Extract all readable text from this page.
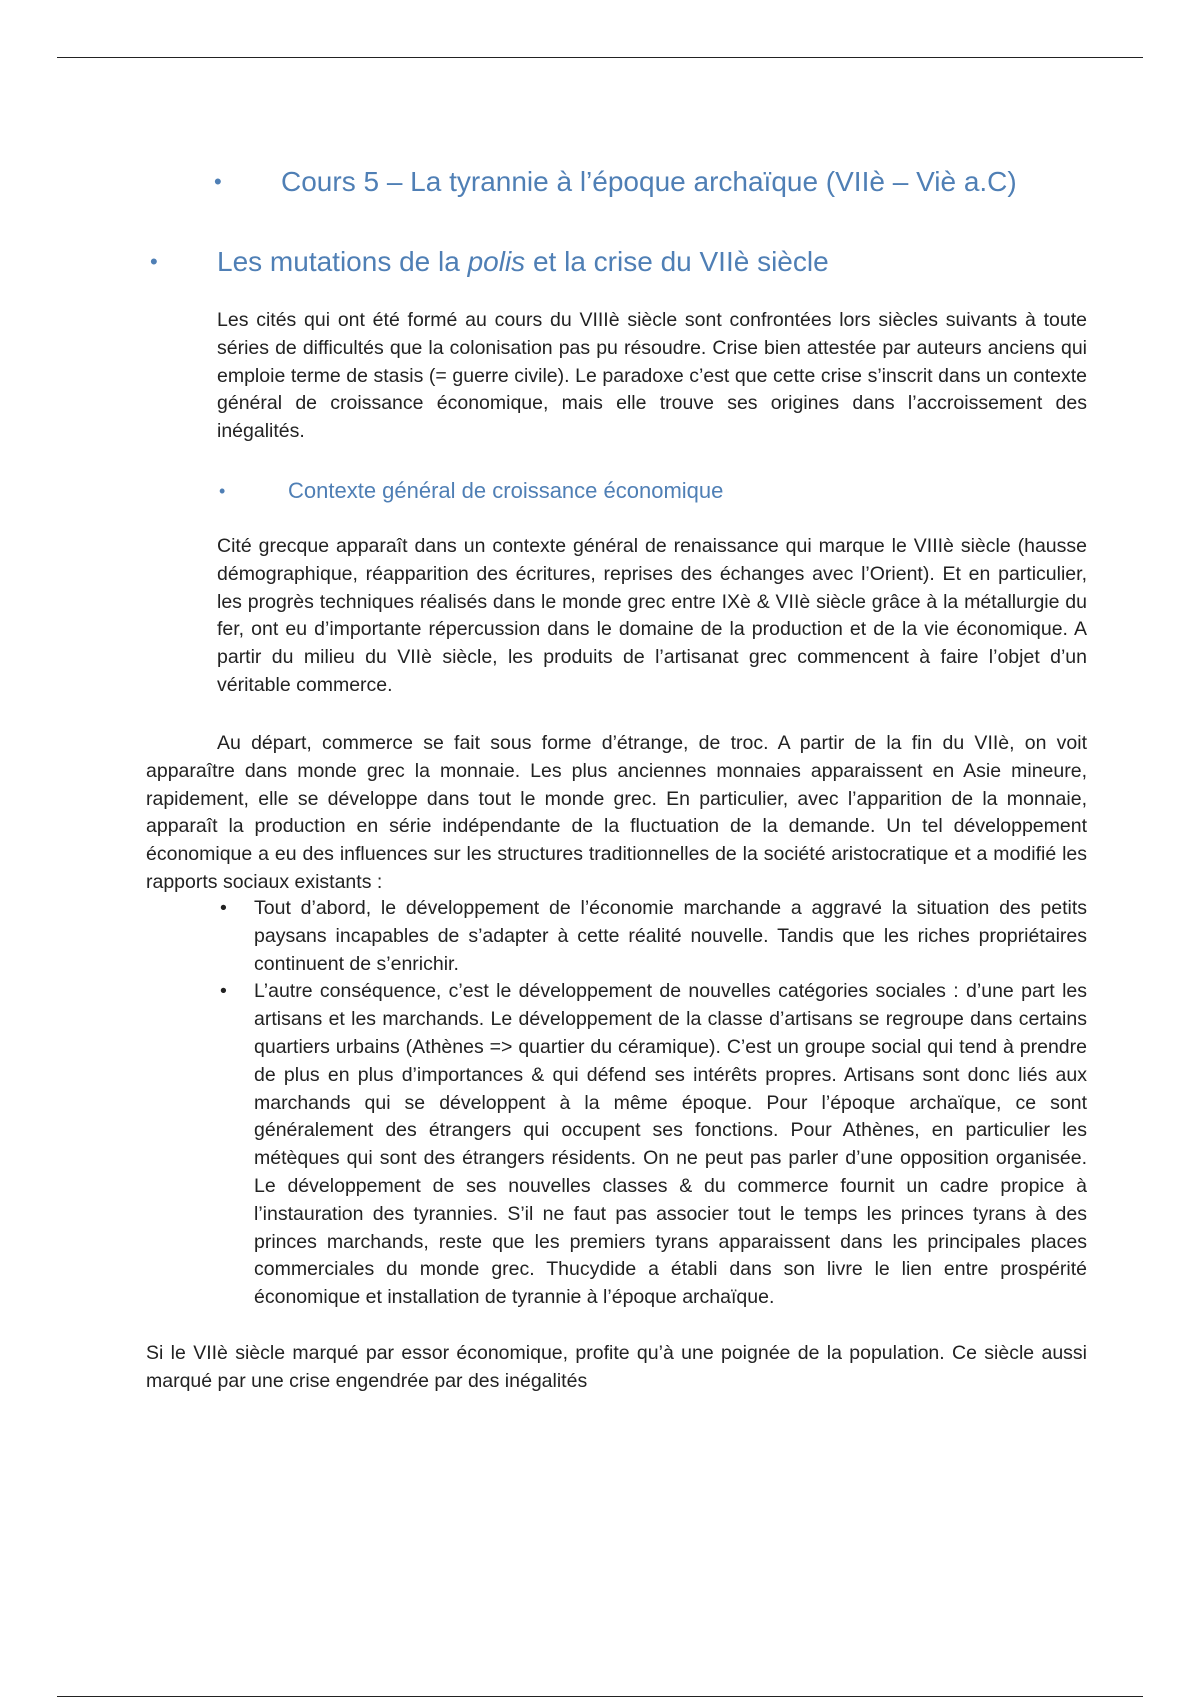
• Cours 5 – La tyrannie à l’époque archaïque (VIIè – Viè a.C)
• Les mutations de la polis et la crise du VIIè siècle

Les cités qui ont été formé au cours du VIIIè siècle sont confrontées lors siècles suivants à toute séries de difficultés que la colonisation pas pu résoudre. Crise bien attestée par auteurs anciens qui emploie terme de stasis (= guerre civile). Le paradoxe c’est que cette crise s’inscrit dans un contexte général de croissance économique, mais elle trouve ses origines dans l’accroissement des inégalités.

•	Contexte général de croissance économique

Cité grecque apparaît dans un contexte général de renaissance qui marque le VIIIè siècle (hausse démographique, réapparition des écritures, reprises des échanges avec l’Orient). Et en particulier, les progrès techniques réalisés dans le monde grec entre IXè & VIIè siècle grâce à la métallurgie du fer, ont eu d’importante répercussion dans le domaine de la production et de la vie économique. A partir du milieu du VIIè siècle, les produits de l’artisanat grec commencent à faire l’objet d’un véritable commerce.

Au départ, commerce se fait sous forme d’étrange, de troc. A partir de la fin du VIIè, on voit apparaître dans monde grec la monnaie. Les plus anciennes monnaies apparaissent en Asie mineure, rapidement, elle se développe dans tout le monde grec. En particulier, avec l’apparition de la monnaie, apparaît la production en série indépendante de la fluctuation de la demande. Un tel développement économique a eu des influences sur les structures traditionnelles de la société aristocratique et a modifié les rapports sociaux existants :

• Tout d’abord, le développement de l’économie marchande a aggravé la situation des petits paysans incapables de s’adapter à cette réalité nouvelle. Tandis que les riches propriétaires continuent de s’enrichir.
• L’autre conséquence, c’est le développement de nouvelles catégories sociales : d’une part les artisans et les marchands. Le développement de la classe d’artisans se regroupe dans certains quartiers urbains (Athènes => quartier du céramique). C’est un groupe social qui tend à prendre de plus en plus d’importances & qui défend ses intérêts propres. Artisans sont donc liés aux marchands qui se développent à la même époque. Pour l’époque archaïque, ce sont généralement des étrangers qui occupent ses fonctions. Pour Athènes, en particulier les métèques qui sont des étrangers résidents. On ne peut pas parler d’une opposition organisée. Le développement de ses nouvelles classes & du commerce fournit un cadre propice à l’instauration des tyrannies. S’il ne faut pas associer tout le temps les princes tyrans à des princes marchands, reste que les premiers tyrans apparaissent dans les principales places commerciales du monde grec. Thucydide a établi dans son livre le lien entre prospérité économique et installation de tyrannie à l’époque archaïque.

Si le VIIè siècle marqué par essor économique, profite qu’à une poignée de la population. Ce siècle aussi marqué par une crise engendrée par des inégalités
